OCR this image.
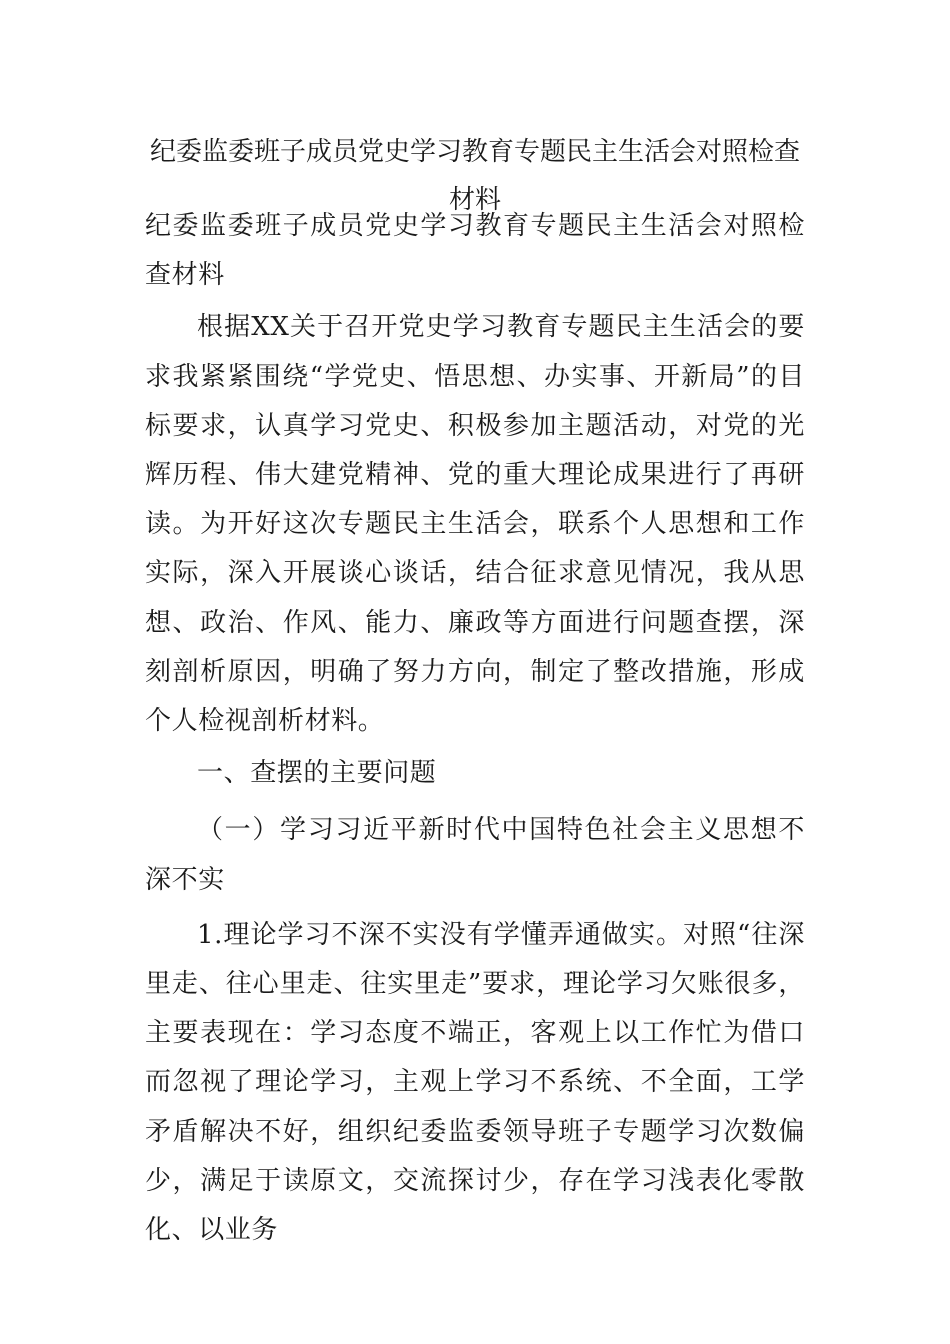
纪委监委班子成员党史学习教育专题民主生活会对照检查材料

纪委监委班子成员党史学习教育专题民主生活会对照检查材料

根据XX关于召开党史学习教育专题民主生活会的要求我紧紧围绕“学党史、悟思想、办实事、开新局”的目标要求，认真学习党史、积极参加主题活动，对党的光辉历程、伟大建党精神、党的重大理论成果进行了再研读。为开好这次专题民主生活会，联系个人思想和工作实际，深入开展谈心谈话，结合征求意见情况，我从思想、政治、作风、能力、廉政等方面进行问题查摆，深刻剖析原因，明确了努力方向，制定了整改措施，形成个人检视剖析材料。

一、查摆的主要问题

（一）学习习近平新时代中国特色社会主义思想不深不实

1.理论学习不深不实没有学懂弄通做实。对照“往深里走、往心里走、往实里走”要求，理论学习欠账很多，主要表现在：学习态度不端正，客观上以工作忙为借口而忽视了理论学习，主观上学习不系统、不全面，工学矛盾解决不好，组织纪委监委领导班子专题学习次数偏少，满足于读原文，交流探讨少，存在学习浅表化零散化、以业务
